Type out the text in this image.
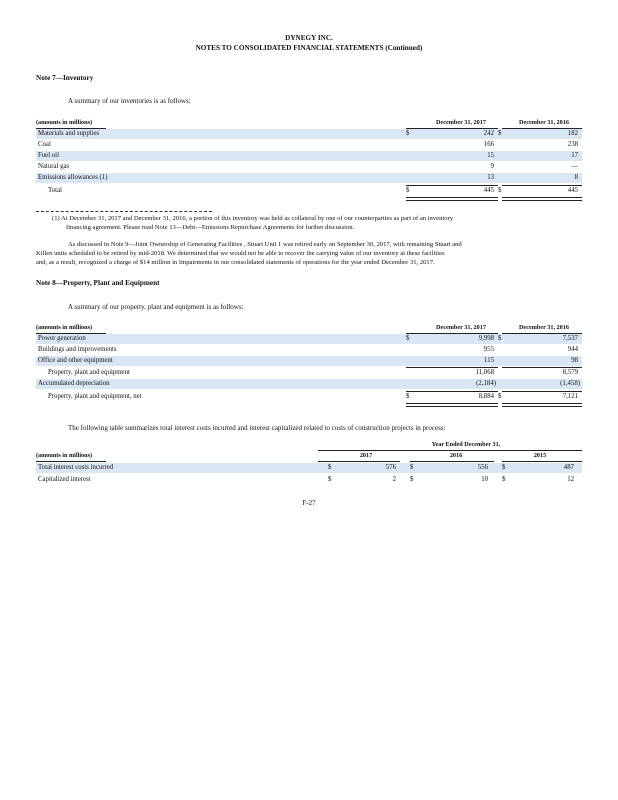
DYNEGY INC.
NOTES TO CONSOLIDATED FINANCIAL STATEMENTS (Continued)
Note 7—Inventory
A summary of our inventories is as follows:
(amounts in millions)	December 31, 2017	December 31, 2016
Materials and supplies	$	242 $	182
Coal	166	238
Fuel oil	15	17
Natural gas	9	—
Emissions allowances (1)	13	8
Total	$	445 $	445
(1) At December 31, 2017 and December 31, 2016, a portion of this inventory was held as collateral by one of our counterparties as part of an inventory
financing agreement. Please read Note 13—Debt—Emissions Repurchase Agreements for further discussion.
As discussed in Note 9—Joint Ownership of Generating Facilities , Stuart Unit 1 was retired early on September 30, 2017, with remaining Stuart and
Killen units scheduled to be retired by mid-2018. We determined that we would not be able to recover the carrying value of our inventory at these facilities
and, as a result, recognized a charge of $14 million in Impairments in our consolidated statements of operations for the year ended December 31, 2017.
Note 8—Property, Plant and Equipment
A summary of our property, plant and equipment is as follows:
(amounts in millions)	December 31, 2017	December 31, 2016
Power generation	$	9,998 $	7,537
Buildings and improvements	955	944
Office and other equipment	115	98
Property, plant and equipment	11,068	8,579
Accumulated depreciation	(2,184)	(1,458)
Property, plant and equipment, net	$	8,884 $	7,121
The following table summarizes total interest costs incurred and interest capitalized related to costs of construction projects in process:
Year Ended December 31,
(amounts in millions)	2017	2016	2015
Total interest costs incurred	$	576 $	556 $	487
Capitalized interest	$	2 $	10 $	12
F-27
